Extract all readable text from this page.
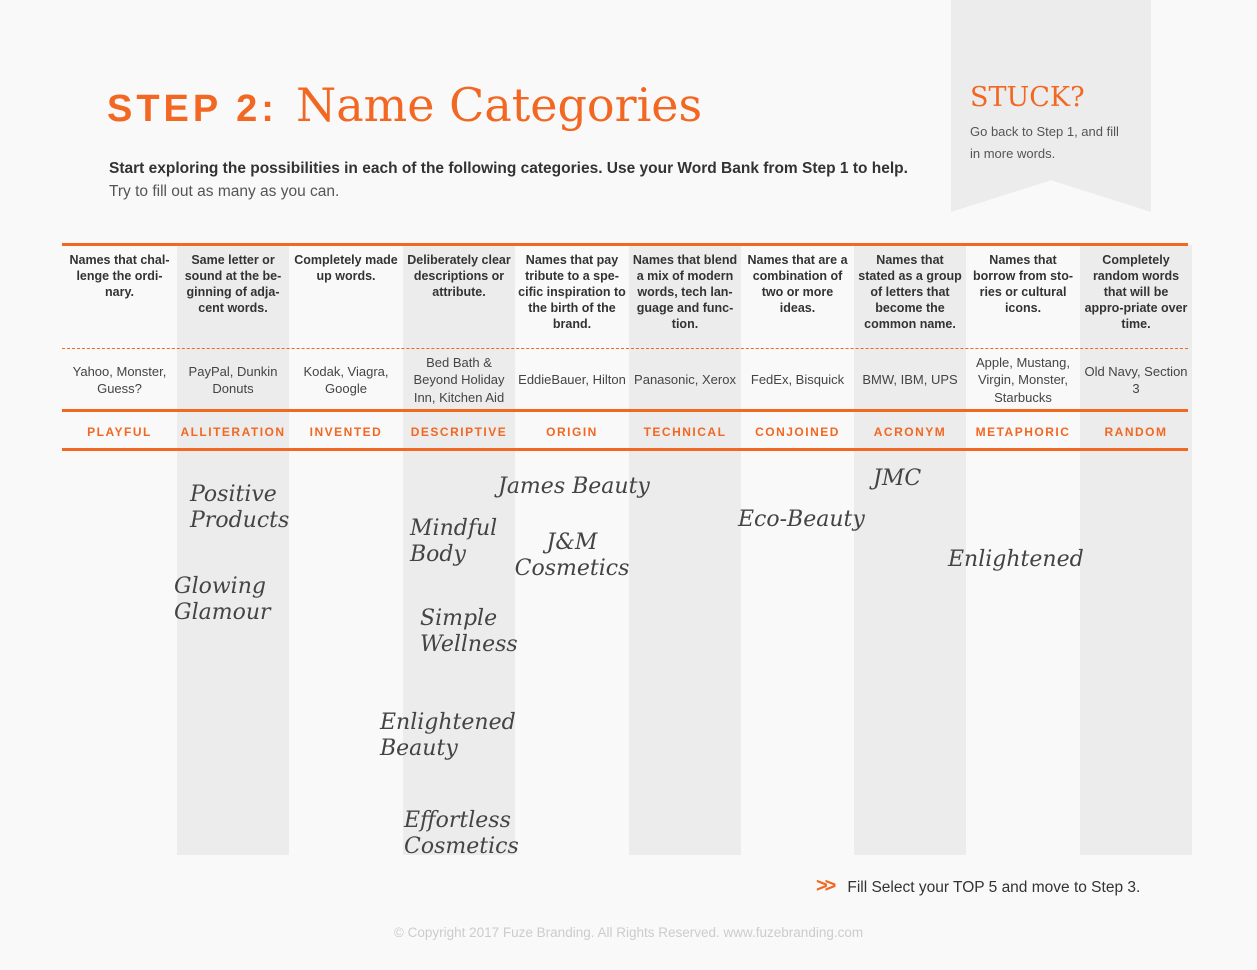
STUCK?
Go back to Step 1, and fill in more words.
STEP 2: Name Categories
Start exploring the possibilities in each of the following categories. Use your Word Bank from Step 1 to help.
Try to fill out as many as you can.
Names that chal-lenge the ordi-nary.
Yahoo, Monster, Guess?
PLAYFUL
Same letter or sound at the be-ginning of adja-cent words.
PayPal, Dunkin Donuts
ALLITERATION
Completely made up words.
Kodak, Viagra, Google
INVENTED
Deliberately clear descriptions or attribute.
Bed Bath & Beyond Holiday Inn, Kitchen Aid
DESCRIPTIVE
Names that pay tribute to a spe-cific inspiration to the birth of the brand.
EddieBauer, Hilton
ORIGIN
Names that blend a mix of modern words, tech lan-guage and func-tion.
Panasonic, Xerox
TECHNICAL
Names that are a combination of two or more ideas.
FedEx, Bisquick
CONJOINED
Names that stated as a group of letters that become the common name.
BMW, IBM, UPS
ACRONYM
Names that borrow from sto-ries or cultural icons.
Apple, Mustang, Virgin, Monster, Starbucks
METAPHORIC
Completely random words that will be appro-priate over time.
Old Navy, Section 3
RANDOM
Positive Products
Glowing Glamour
Mindful Body
Simple Wellness
Enlightened Beauty
Effortless Cosmetics
James Beauty
J&M Cosmetics
Eco-Beauty
JMC
Enlightened
>> Fill Select your TOP 5 and move to Step 3.
© Copyright 2017 Fuze Branding. All Rights Reserved. www.fuzebranding.com
